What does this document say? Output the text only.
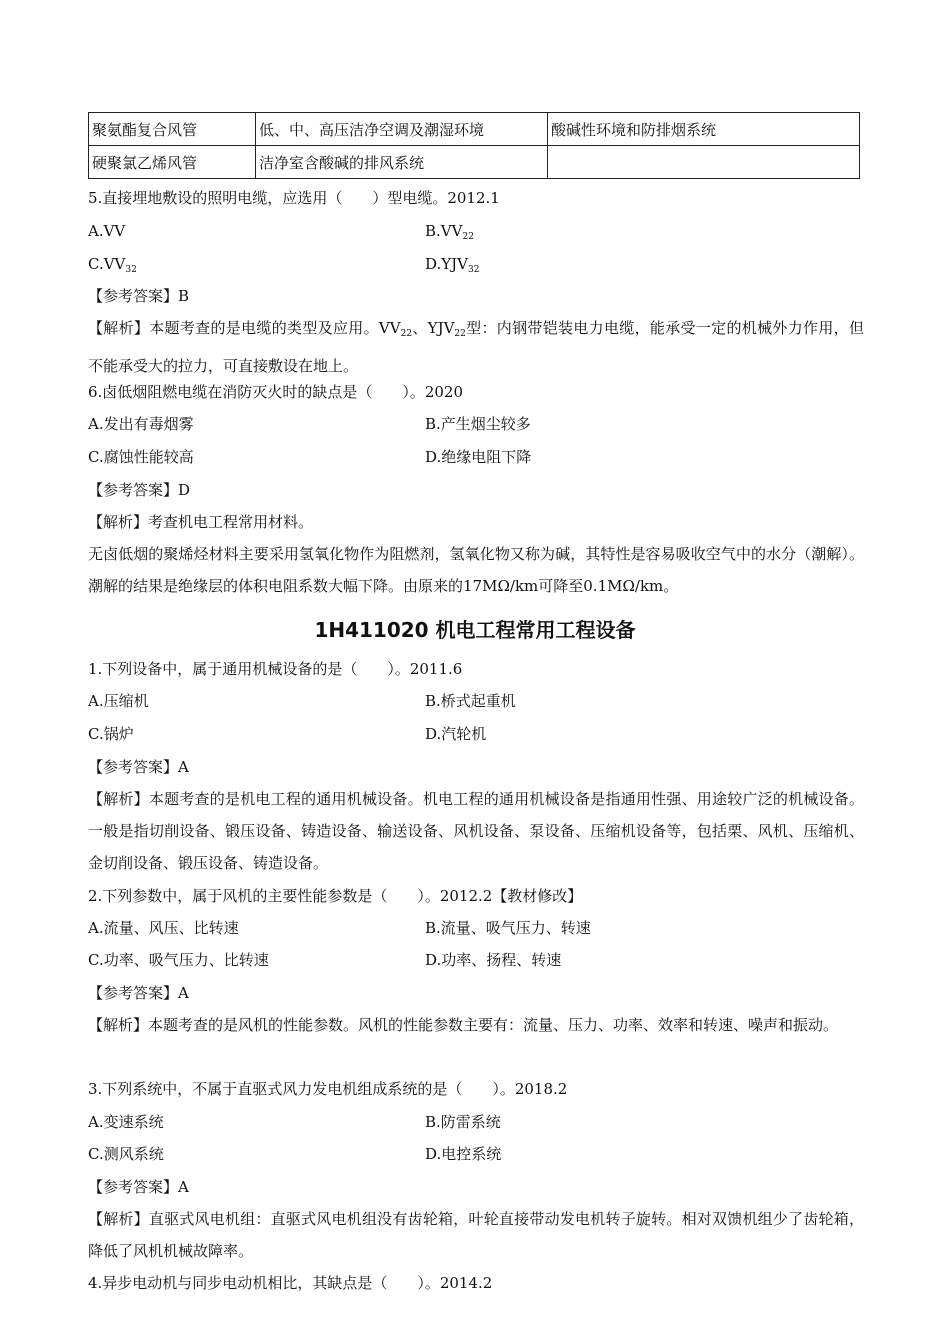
聚氨酯复合风管	低、中、高压洁净空调及潮湿环境	酸碱性环境和防排烟系统
硬聚氯乙烯风管	洁净室含酸碱的排风系统	
5.直接埋地敷设的照明电缆，应选用（　　）型电缆。2012.1
A.VV	$B.VV_{22}$
$C.VV_{32}$	$D.YJV_{32}$
【参考答案】B
【解析】本题考查的是电缆的类型及应用。$VV_{22}$、$YJV_{22}$型：内钢带铠装电力电缆，能承受一定的机械外力作用，但不能承受大的拉力，可直接敷设在地上。
6.卤低烟阻燃电缆在消防灭火时的缺点是（　　）。2020
A.发出有毒烟雾	B.产生烟尘较多
C.腐蚀性能较高	D.绝缘电阻下降
【参考答案】D
【解析】考查机电工程常用材料。
无卤低烟的聚烯烃材料主要采用氢氧化物作为阻燃剂，氢氧化物又称为碱，其特性是容易吸收空气中的水分（潮解）。潮解的结果是绝缘层的体积电阻系数大幅下降。由原来的17MΩ/km可降至0.1MΩ/km。
1H411020 机电工程常用工程设备
1.下列设备中，属于通用机械设备的是（　　）。2011.6
A.压缩机	B.桥式起重机
C.锅炉	D.汽轮机
【参考答案】A
【解析】本题考查的是机电工程的通用机械设备。机电工程的通用机械设备是指通用性强、用途较广泛的机械设备。一般是指切削设备、锻压设备、铸造设备、输送设备、风机设备、泵设备、压缩机设备等，包括栗、风机、压缩机、金切削设备、锻压设备、铸造设备。
2.下列参数中，属于风机的主要性能参数是（　　）。2012.2【教材修改】
A.流量、风压、比转速	B.流量、吸气压力、转速
C.功率、吸气压力、比转速	D.功率、扬程、转速
【参考答案】A
【解析】本题考查的是风机的性能参数。风机的性能参数主要有：流量、压力、功率、效率和转速、噪声和振动。
3.下列系统中，不属于直驱式风力发电机组成系统的是（　　）。2018.2
A.变速系统	B.防雷系统
C.测风系统	D.电控系统
【参考答案】A
【解析】直驱式风电机组：直驱式风电机组没有齿轮箱，叶轮直接带动发电机转子旋转。相对双馈机组少了齿轮箱，降低了风机机械故障率。
4.异步电动机与同步电动机相比，其缺点是（　　）。2014.2
